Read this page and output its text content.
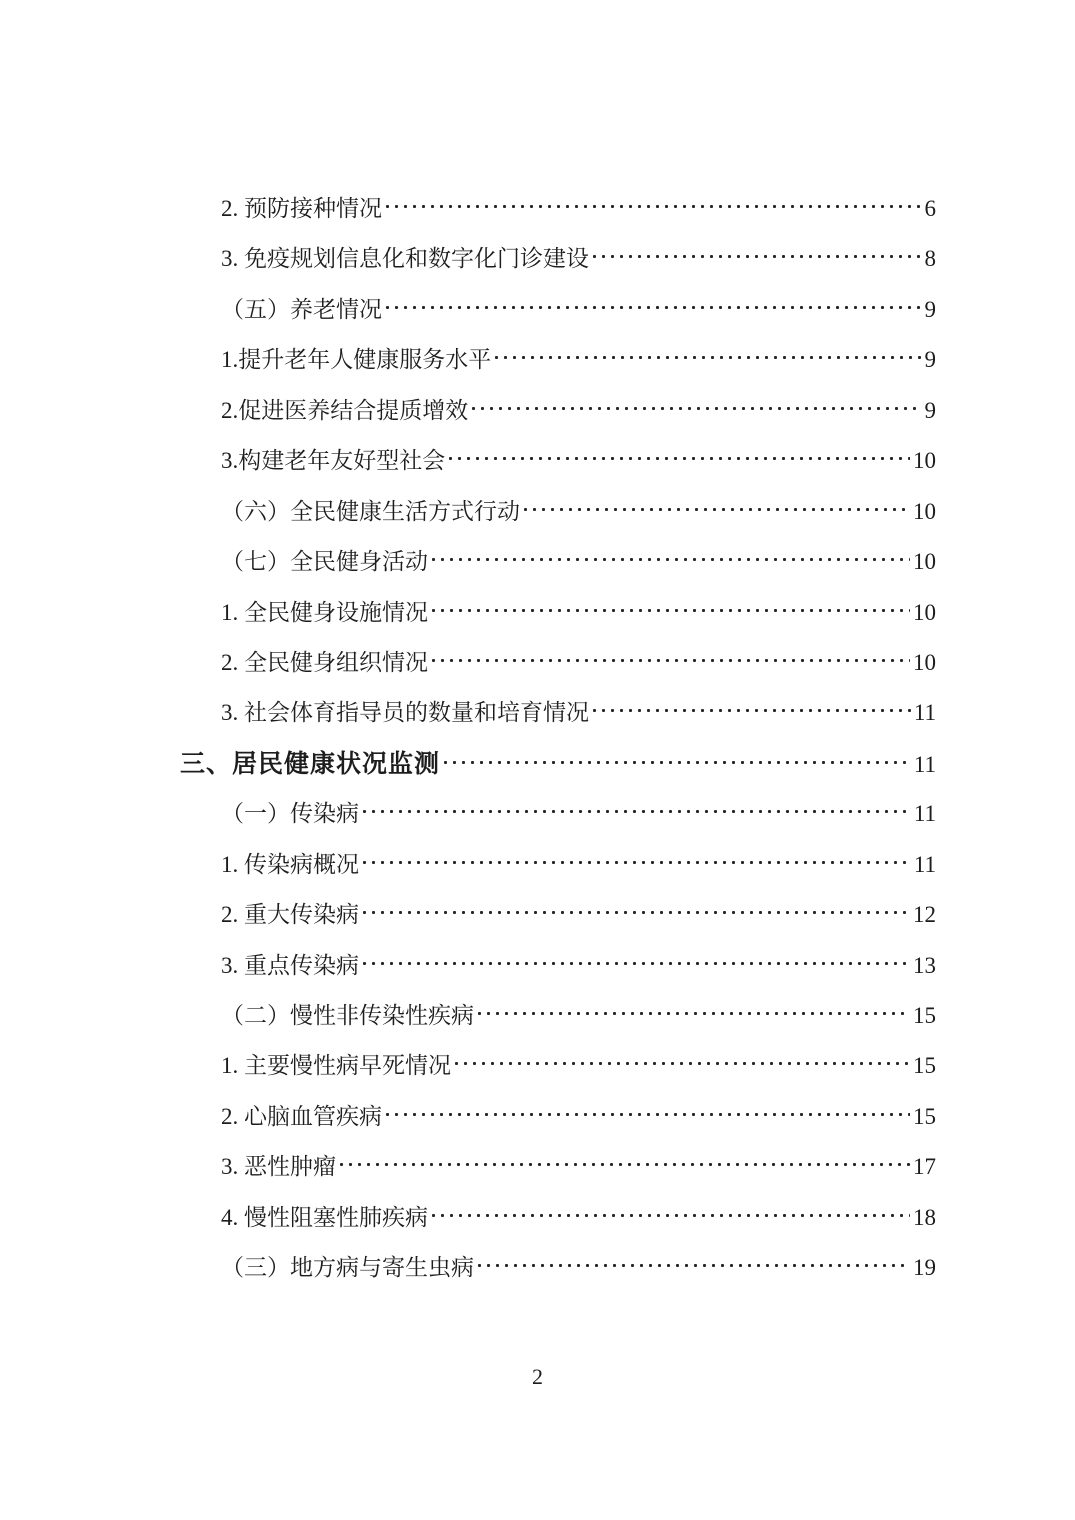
2. 预防接种情况	6
3. 免疫规划信息化和数字化门诊建设	8
（五）养老情况	9
1.提升老年人健康服务水平	9
2.促进医养结合提质增效	9
3.构建老年友好型社会	10
（六）全民健康生活方式行动	10
（七）全民健身活动	10
1. 全民健身设施情况	10
2. 全民健身组织情况	10
3. 社会体育指导员的数量和培育情况	11
三、居民健康状况监测	11
（一）传染病	11
1. 传染病概况	11
2. 重大传染病	12
3. 重点传染病	13
（二）慢性非传染性疾病	15
1. 主要慢性病早死情况	15
2. 心脑血管疾病	15
3. 恶性肿瘤	17
4. 慢性阻塞性肺疾病	18
（三）地方病与寄生虫病	19
2
